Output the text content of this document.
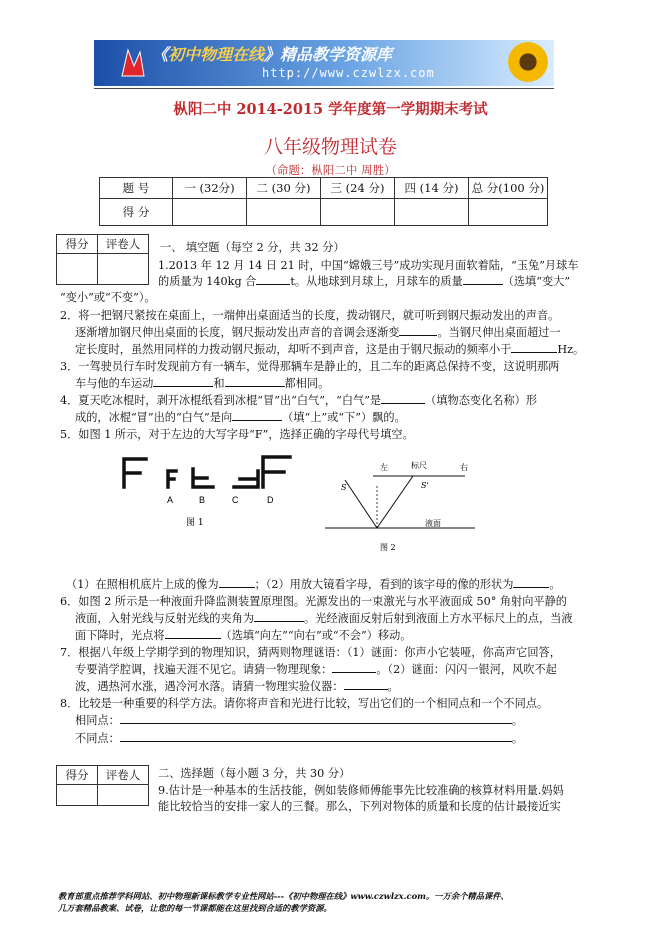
《初中物理在线》精品教学资源库
http://www.czwlzx.com
枞阳二中 2014-2015 学年度第一学期期末考试
八年级物理试卷
（命题：枞阳二中 周胜）
题 号	一 (32分)	二 (30 分)	三 (24 分)	四 (14 分)	总 分(100 分)
得 分					
得分	评卷人
	一、 填空题（每空 2 分，共 32 分）
1.2013 年 12 月 14 日 21 时，中国“嫦娥三号”成功实现月面软着陆，“玉兔”月球车
的质量为 140kg 合	t。从地球到月球上，月球车的质量	（选填“变大”
“变小”或“不变”）。
2．将一把钢尺紧按在桌面上，一端伸出桌面适当的长度，拨动钢尺，就可听到钢尺振动发出的声音。
逐渐增加钢尺伸出桌面的长度，钢尺振动发出声音的音调会逐渐变	。当钢尺伸出桌面超过一
定长度时，虽然用同样的力拨动钢尺振动，却听不到声音，这是由于钢尺振动的频率小于	Hz。
3．一驾驶员行车时发现前方有一辆车，觉得那辆车是静止的，且二车的距离总保持不变，这说明那两
车与他的车运动	和	都相同。
4．夏天吃冰棍时，剥开冰棍纸看到冰棍“冒”出“白气”，“白气”是	（填物态变化名称）形
成的，冰棍“冒”出的“白气”是向	（填“上”或“下”）飘的。
5．如图 1 所示，对于左边的大写字母“F”，选择正确的字母代号填空。
A	B	C	D
图 1
左	标尺	右
S	S'
液面
图 2
（1）在照相机底片上成的像为	；（2）用放大镜看字母，看到的该字母的像的形状为	。
6．如图 2 所示是一种液面升降监测装置原理图。光源发出的一束激光与水平液面成 50° 角射向平静的
液面，入射光线与反射光线的夹角为	。光经液面反射后射到液面上方水平标尺上的点，当液
面下降时，光点将	（选填“向左”“向右”或“不会”）移动。
7．根据八年级上学期学到的物理知识，猜两则物理谜语：（1）谜面：你声小它装哑，你高声它回答，
专要消学腔调，找遍天涯不见它。请猜一物理现象：	。（2）谜面：闪闪一银河，风吹不起
波，遇热河水涨，遇冷河水落。请猜一物理实验仪器：	。
8．比较是一种重要的科学方法。请你将声音和光进行比较，写出它们的一个相同点和一个不同点。
相同点：	。
不同点：	。
得分	评卷人
	二、选择题（每小题 3 分，共 30 分）
9.估计是一种基本的生活技能，例如装修师傅能事先比较准确的核算材料用量.妈妈
能比较恰当的安排一家人的三餐。那么，下列对物体的质量和长度的估计最接近实
教育部重点推荐学科网站、初中物理新课标教学专业性网站---《初中物理在线》www.czwlzx.com。一万余个精品课件、
几万套精品教案、试卷，让您的每一节课都能在这里找到合适的教学资源。
